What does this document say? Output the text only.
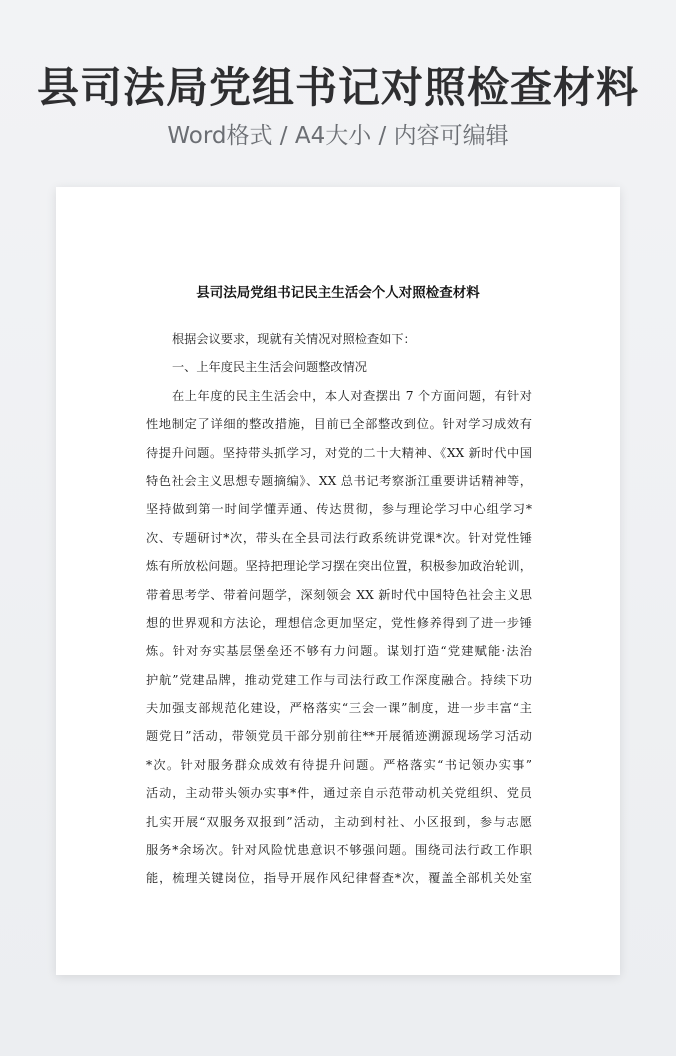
县司法局党组书记对照检查材料
Word格式 / A4大小 / 内容可编辑
县司法局党组书记民主生活会个人对照检查材料
根据会议要求，现就有关情况对照检查如下：
一、上年度民主生活会问题整改情况
在上年度的民主生活会中，本人对查摆出 7 个方面问题，有针对
性地制定了详细的整改措施，目前已全部整改到位。针对学习成效有
待提升问题。坚持带头抓学习，对党的二十大精神、《XX 新时代中国
特色社会主义思想专题摘编》、XX 总书记考察浙江重要讲话精神等，
坚持做到第一时间学懂弄通、传达贯彻，参与理论学习中心组学习*
次、专题研讨*次，带头在全县司法行政系统讲党课*次。针对党性锤
炼有所放松问题。坚持把理论学习摆在突出位置，积极参加政治轮训，
带着思考学、带着问题学，深刻领会 XX 新时代中国特色社会主义思
想的世界观和方法论，理想信念更加坚定，党性修养得到了进一步锤
炼。针对夯实基层堡垒还不够有力问题。谋划打造“党建赋能·法治
护航”党建品牌，推动党建工作与司法行政工作深度融合。持续下功
夫加强支部规范化建设，严格落实“三会一课”制度，进一步丰富“主
题党日”活动，带领党员干部分别前往**开展循迹溯源现场学习活动
*次。针对服务群众成效有待提升问题。严格落实“书记领办实事”
活动，主动带头领办实事*件，通过亲自示范带动机关党组织、党员
扎实开展“双服务双报到”活动，主动到村社、小区报到，参与志愿
服务*余场次。针对风险忧患意识不够强问题。围绕司法行政工作职
能，梳理关键岗位，指导开展作风纪律督查*次，覆盖全部机关处室
